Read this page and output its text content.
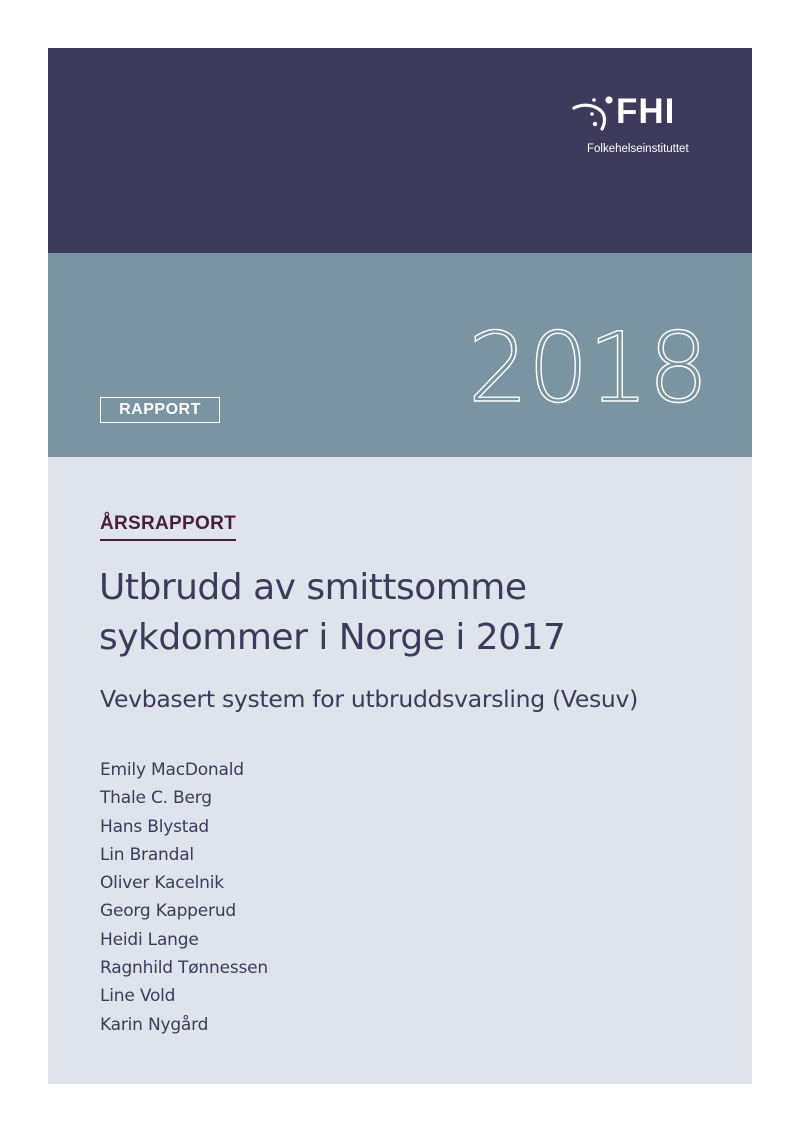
FHI
Folkehelseinstituttet
2018
RAPPORT
ÅRSRAPPORT
Utbrudd av smittsomme
sykdommer i Norge i 2017
Vevbasert system for utbruddsvarsling (Vesuv)
Emily MacDonald
Thale C. Berg
Hans Blystad
Lin Brandal
Oliver Kacelnik
Georg Kapperud
Heidi Lange
Ragnhild Tønnessen
Line Vold
Karin Nygård
